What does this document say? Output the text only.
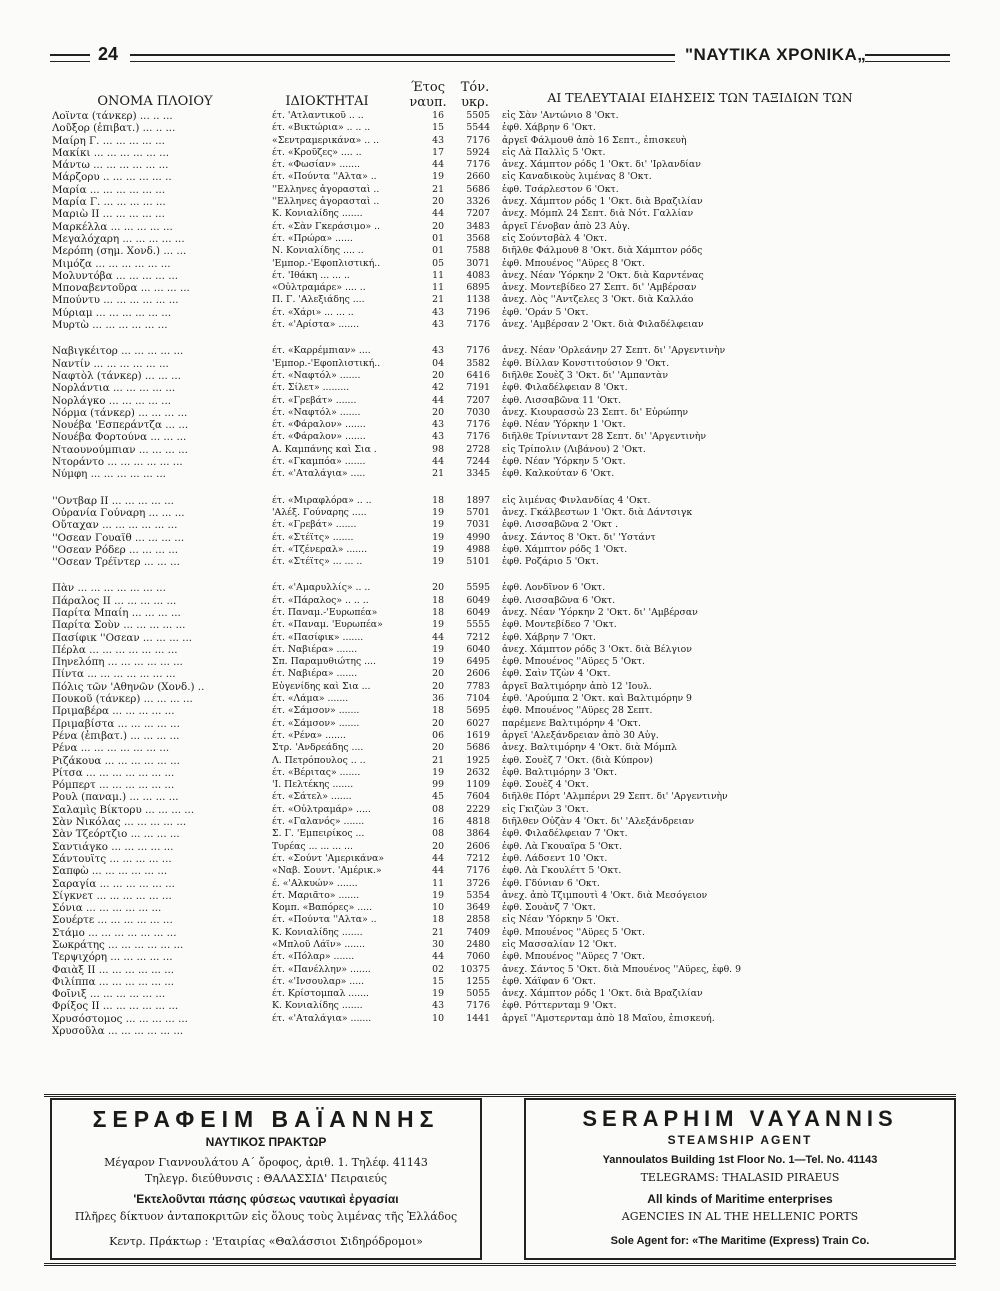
24	"ΝΑΥΤΙΚΑ ΧΡΟΝΙΚΑ„
ΟΝΟΜΑ ΠΛΟΙΟΥ	ΙΔΙΟΚΤΗΤΑΙ
Έτος
ναυπ.
Τόν.
υκρ.	ΑΙ ΤΕΛΕΥΤΑΙΑΙ ΕΙΔΗΣΕΙΣ ΤΩΝ ΤΑΞΙΔΙΩΝ ΤΩΝ
Λοϊντα (τάνκερ) ... .. ...	έτ. 'Ατλαντικοῦ .. ..	16	5505 εἰς Σὰν 'Αντώνιο 8 'Οκτ.
Λοῦξορ (ἐπιβατ.) ... .. ...	έτ. «Βικτώρια» .. .. ..	15	5544 ἐφθ. Χάβρην 6 'Οκτ.
Μαίρη Γ. ... ... ... ... ...	«Σεντραμερικάνα» .. ..	43	7176 ἀργεῖ Φάλμουθ ἀπὸ 16 Σεπτ., ἐπισκευὴ
Μακίκι ... ... ... ... ... ...	έτ. «Κροῦζες» .... ..	17	5924 εἰς Λὰ Παλλὶς 5 'Οκτ.
Μάντω ... ... ... ... ... ...	έτ. «Φωσίαν» .......	44	7176 ἀνεχ. Χάμπτον ρόδς 1 'Οκτ. δι' 'Ιρλανδίαν
Μάρζορυ .. ... ... ... ... ..	έτ. «Πούντα ''Αλτα» ..	19	2660 εἰς Καναδικοὺς λιμένας 8 'Οκτ.
Μαρία ... ... ... ... ... ...	''Ελληνες ἀγορασταὶ ..	21	5686 ἐφθ. Τσάρλεστον 6 'Οκτ.
Μαρία Γ. ... ... ... ... ...	''Ελληνες ἀγορασταὶ ..	20	3326 ἀνεχ. Χάμπτον ρόδς 1 'Οκτ. διὰ Βραζιλίαν
Μαριὼ ΙΙ ... ... ... ... ...	Κ. Κονιαλίδης .......	44	7207 ἀνεχ. Μόμπλ 24 Σεπτ. διὰ Νότ. Γαλλίαν
Μαρκέλλα ... ... ... ... ...	έτ. «Σὰν Γκεράσιμο» ..	20	3483 ἀργεῖ Γένοβαν ἀπὸ 23 Αὐγ.
Μεγαλόχαρη ... ... ... ... ...	έτ. «Πρώρα» ......	01	3568 εἰς Σούντσβὰλ 4 'Οκτ.
Μερόπη (σημ. Χονδ.) ... ...	Ν. Κονιαλίδης .... ..	01	7588 διῆλθε Φάλμουθ 8 'Οκτ. διὰ Χάμπτον ρόδς
Μιμόζα ... ... ... ... ... ...	'Εμπορ.-'Εφοπλιστική..	05	3071 ἐφθ. Μπουένος ''Αϋρες 8 'Οκτ.
Μολυντόβα ... ... ... ... ...	έτ. 'Ιθάκη ... ... ..	11	4083 ἀνεχ. Νέαν 'Υόρκην 2 'Οκτ. διὰ Καρντένας
Μποναβεντοῦρα ... ... ... ...	«Οὐλτραμάρε» .... ..	11	6895 ἀνεχ. Μοντεβίδεο 27 Σεπτ. δι' 'Αμβέρσαν
Μπούντυ ... ... ... ... ... ...	Π. Γ. 'Αλεξιάδης ....	21	1138 ἀνεχ. Λὸς ''Αντζελες 3 'Οκτ. διὰ Καλλάο
Μύριαμ ... ... ... ... ... ...	έτ. «Χάρι» ... ... ..	43	7196 ἐφθ. 'Οράν 5 'Οκτ.
Μυρτὼ ... ... ... ... ... ...	έτ. «'Αρίστα» .......	43	7176 ἀνεχ. 'Αμβέρσαν 2 'Οκτ. διὰ Φιλαδέλφειαν
Ναβιγκέιτορ ... ... ... ... ...	έτ. «Καρρέμπιαν» ....	43	7176 ἀνεχ. Νέαν 'Ορλεάνην 27 Σεπτ. δι' 'Αργεντινὴν
Ναντίν ... ... ... ... ... ...	'Εμπορ.-'Εφοπλιστική..	04	3582 ἐφθ. Βίλλαν Κονστιτούσιον 9 'Οκτ.
Ναφτὸλ (τάνκερ) ... ... ...	έτ. «Ναφτόλ» .......	20	6416 διῆλθε Σουὲζ 3 'Οκτ. δι' 'Αμπαντὰν
Νορλάντια ... ... ... ... ...	έτ. Σίλετ» .........	42	7191 ἐφθ. Φιλαδέλφειαν 8 'Οκτ.
Νορλάγκο ... ... ... ... ...	έτ. «Γρεβάτ» .......	44	7207 ἐφθ. Λισσαβῶνα 11 'Οκτ.
Νόρμα (τάνκερ) ... ... ... ...	έτ. «Ναφτόλ» .......	20	7030 ἀνεχ. Κιουρασσὼ 23 Σεπτ. δι' Εὐρώπην
Νουέβα 'Εσπεράντζα ... ...	έτ. «Φάραλον» .......	43	7176 ἐφθ. Νέαν 'Υόρκην 1 'Οκτ.
Νουέβα Φορτούνα ... ... ...	έτ. «Φάραλον» .......	43	7176 διῆλθε Τρίνινταντ 28 Σεπτ. δι' 'Αργεντινὴν
Νταουνούμπιαν ... ... ... ...	Α. Καμπάνης καὶ Σια .	98	2728 εἰς Τρίπολιν (Λιβάνου) 2 'Οκτ.
Ντοράντο ... ... ... ... ... ...	έτ. «Γκαμπόα» .......	44	7244 ἐφθ. Νέαν 'Υόρκην 5 'Οκτ.
Νύμφη ... ... ... ... ... ...	έτ. «'Αταλάγια» .....	21	3345 ἐφθ. Καλκούταν 6 'Οκτ.
''Οντβαρ ΙΙ ... ... ... ... ...	έτ. «Μιραφλόρα» .. ..	18	1897 εἰς λιμένας Φινλανδίας 4 'Οκτ.
Οὐρανία Γούναρη ... ... ...	'Αλέξ. Γούναρης .....	19	5701 ἀνεχ. Γκάλβεστων 1 'Οκτ. διὰ Δάντσιγκ
Οὔταχαν ... ... ... ... ... ...	έτ. «Γρεβάτ» .......	19	7031 ἐφθ. Λισσαβῶνα 2 'Οκτ .
''Οσεαν Γουαϊθ ... ... ... ...	έτ. «Στέϊτς» .......	19	4990 ἀνεχ. Σάντος 8 'Οκτ. δι' 'Υστάντ
''Οσεαν Ρόδερ ... ... ... ...	έτ. «Τζένεραλ» .......	19	4988 ἐφθ. Χάμπτον ρόδς 1 'Οκτ.
''Οσεαν Τρέϊντερ ... ... ...	έτ. «Στέϊτς» ... ... ..	19	5101 ἐφθ. Ροζάριο 5 'Οκτ.
Πὰν ... ... ... ... ... ... ...	έτ. «'Αμαρυλλίς» .. ..	20	5595 ἐφθ. Λονδῖνον 6 'Οκτ.
Πάραλος ΙΙ ... ... ... ... ...	έτ. «Πάραλος» .. .. ..	18	6049 ἐφθ. Λισσαβῶνα 6 'Οκτ.
Παρίτα Μπαίη ... ... ... ...	έτ. Παναμ.-'Ευρωπέα»	18	6049 ἀνεχ. Νέαν 'Υόρκην 2 'Οκτ. δι' 'Αμβέρσαν
Παρίτα Σοὺν ... ... ... ... ...	έτ. «Παναμ. 'Ευρωπέα»	19	5555 ἐφθ. Μοντεβίδεο 7 'Οκτ.
Πασίφικ ''Οσεαν ... ... ... ...	έτ. «Πασίφικ» .......	44	7212 ἐφθ. Χάβρην 7 'Οκτ.
Πέρλα ... ... ... ... ... ... ...	έτ. Ναβιέρα» .......	19	6040 ἀνεχ. Χάμπτον ρόδς 3 'Οκτ. διὰ Βέλγιον
Πηνελόπη ... ... ... ... ... ...	Σπ. Παραμυθιώτης ....	19	6495 ἐφθ. Μπουένος ''Αϋρες 5 'Οκτ.
Πίντα ... ... ... ... ... ... ...	έτ. Ναβιέρα» .......	20	2606 ἐφθ. Σαὶν Τζὼν 4 'Οκτ.
Πόλις τῶν 'Αθηνῶν (Χονδ.) ..	Εὐγενίδης καὶ Σια ...	20	7783 ἀργεῖ Βαλτιμόρην ἀπὸ 12 'Ιουλ.
Πουκοῦ (τάνκερ) ... ... ... ...	έτ. «Λάμα» .......	36	7104 ἐφθ. 'Αρούμπα 2 'Οκτ. καὶ Βαλτιμόρην 9
Πριμαβέρα ... ... ... ... ...	έτ. «Σάμσον» .......	18	5695 ἐφθ. Μπουένος ''Αϋρες 28 Σεπτ.
Πριμαβίστα ... ... ... ... ...	έτ. «Σάμσον» .......	20	6027 παρέμενε Βαλτιμόρην 4 'Οκτ.
Ρένα (ἐπιβατ.) ... ... ... ...	έτ. «Ρένα» .......	06	1619 ἀργεῖ 'Αλεξάνδρειαν ἀπὸ 30 Αὐγ.
Ρένα ... ... ... ... ... ... ...	Στρ. 'Ανδρεάδης ....	20	5686 ἀνεχ. Βαλτιμόρην 4 'Οκτ. διὰ Μόμπλ
Ριζάκουα ... ... ... ... ... ...	Λ. Πετρόπουλος .. ..	21	1925 ἐφθ. Σουὲζ 7 'Οκτ. (διὰ Κύπρον)
Ρίτσα ... ... ... ... ... ... ...	έτ. «Βέριτας» .......	19	2632 ἐφθ. Βαλτιμόρην 3 'Οκτ.
Ρόμπερτ ... ... ... ... ... ...	'Ι. Πελτέκης .......	99	1109 ἐφθ. Σουὲζ 4 'Οκτ.
Ρουλ (παναμ.) ... ... ... ...	έτ. «Σάτελ» .......	45	7604 διῆλθε Πόρτ 'Αλμπέρνι 29 Σεπτ. δι' 'Αργεντινὴν
Σαλαμὶς Βίκτορυ ... ... ... ...	έτ. «Οὐλτραμάρ» .....	08	2229 εἰς Γκιζὼν 3 'Οκτ.
Σὰν Νικόλας ... ... ... ... ...	έτ. «Γαλανός» .......	16	4818 διῆλθεν Οὐζὰν 4 'Οκτ. δι' 'Αλεξάνδρειαν
Σὰν Τζεόρτζιο ... ... ... ...	Σ. Γ. 'Εμπειρίκος ...	08	3864 ἐφθ. Φιλαδέλφειαν 7 'Οκτ.
Σαντιάγκο ... ... ... ... ...	Τυρέας ... ... ... ...	20	2606 ἐφθ. Λὰ Γκουαΐρα 5 'Οκτ.
Σάντουϊτς ... ... ... ... ...	έτ. «Σούντ 'Αμερικάνα»	44	7212 ἐφθ. Λάδσεντ 10 'Οκτ.
Σαπφὼ ... ... ... ... ... ...	«Ναβ. Σουντ. 'Αμέρικ.»	44	7176 ἐφθ. Λὰ Γκουλέττ 5 'Οκτ.
Σαραγία ... ... ... ... ... ...	έ. «'Αλκυών» .......	11	3726 ἐφθ. Γδύνιαν 6 'Οκτ.
Σίγκνετ ... ... ... ... ... ...	έτ. Μαριᾶτο» .......	19	5354 ἀνεχ. ἀπὸ Τζιμπουτὶ 4 'Οκτ. διὰ Μεσόγειον
Σόνια ... ... ... ... ... ...	Κομπ. «Βαπόρες» .....	10	3649 ἐφθ. Σουὰνζ 7 'Οκτ.
Σουέρτε ... ... ... ... ... ...	έτ. «Πούντα ''Αλτα» ..	18	2858 εἰς Νέαν 'Υόρκην 5 'Οκτ.
Στάμο ... ... ... ... ... ... ...	Κ. Κονιαλίδης .......	21	7409 ἐφθ. Μπουένος ''Αϋρες 5 'Οκτ.
Σωκράτης ... ... ... ... ... ...	«Μπλοῦ Λάϊν» .......	30	2480 εἰς Μασσαλίαν 12 'Οκτ.
Τερψιχόρη ... ... ... ... ...	έτ. «Πόλαρ» .......	44	7060 ἐφθ. Μπουένος ''Αϋρες 7 'Οκτ.
Φαιὰξ ΙΙ ... ... ... ... ... ...	έτ. «Πανέλλην» .......	02	10375 ἀνεχ. Σάντος 5 'Οκτ. διὰ Μπουένος ''Αϋρες, ἐφθ. 9
Φιλίππα ... ... ... ... ... ...	έτ. «'Ινσουλαρ» .....	15	1255 ἐφθ. Χάϊφαν 6 'Οκτ.
Φοῖνιξ ... ... ... ... ... ...	έτ. Κρίστομπαλ .......	19	5055 ἀνεχ. Χάμπτον ρόδς 1 'Οκτ. διὰ Βραζιλίαν
Φρίξος ΙΙ ... ... ... ... ... ...	Κ. Κονιαλίδης .......	43	7176 ἐφθ. Ρόττερνταμ 9 'Οκτ.
Χρυσόστομος ... ... ... ... ...	έτ. «'Αταλάγια» .......	10	1441 ἀργεῖ ''Αμστερνταμ ἀπὸ 18 Μαΐου, ἐπισκευή.
Χρυσοῦλα ... ... ... ... ... ...
ΣΕΡΑΦΕΙΜ ΒΑΪΑΝΝΗΣ
ΝΑΥΤΙΚΟΣ ΠΡΑΚΤΩΡ
Μέγαρον Γιαννουλάτου Α΄ ὄροφος, ἀριθ. 1. Τηλέφ. 41143
Τηλεγρ. διεύθυνσις : ΘΑΛΑΣΣΙΔ' Πειραιεύς
'Εκτελοῦνται πάσης φύσεως ναυτικαὶ ἐργασίαι
Πλῆρες δίκτυον ἀνταποκριτῶν εἰς ὅλους τοὺς λιμένας τῆς Ἑλλάδος
Κεντρ. Πράκτωρ : 'Εταιρίας «Θαλάσσιοι Σιδηρόδρομοι»
SERAPHIM VAYANNIS
STEAMSHIP AGENT
Yannoulatos Building 1st Floor No. 1—Tel. No. 41143
TELEGRAMS: THALASID PIRAEUS
All kinds of Maritime enterprises
AGENCIES IN AL THE HELLENIC PORTS
Sole Agent for: «The Maritime (Express) Train Co.
